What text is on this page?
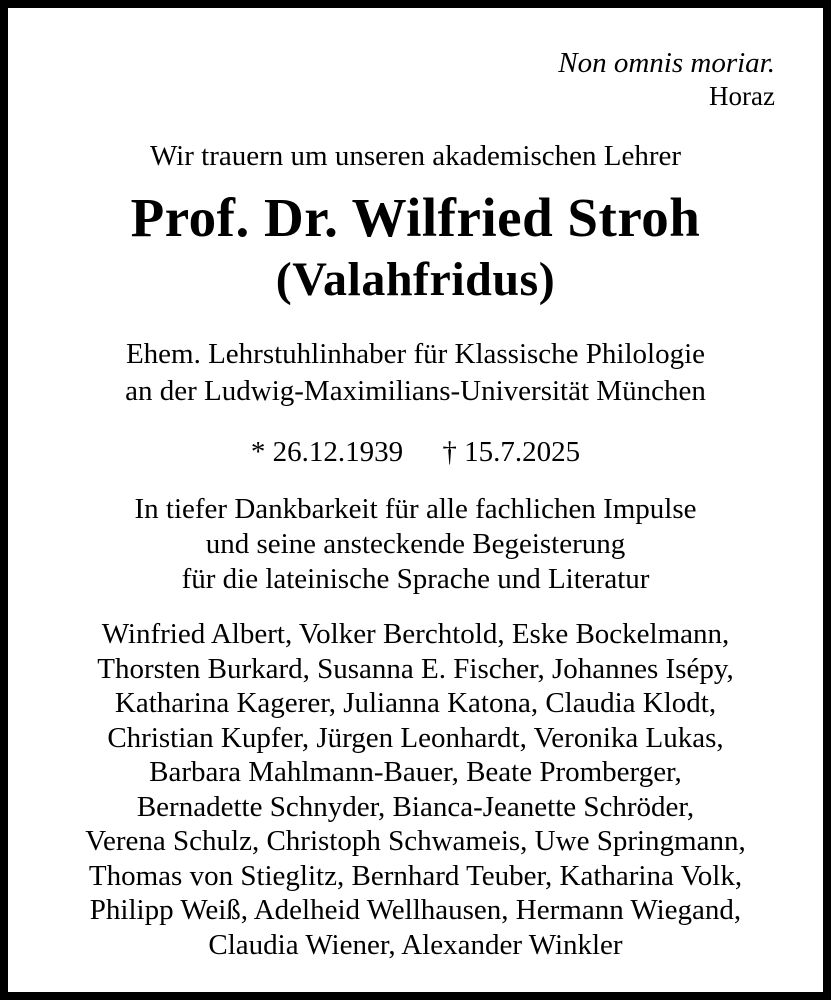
Non omnis moriar.
Horaz
Wir trauern um unseren akademischen Lehrer
Prof. Dr. Wilfried Stroh
(Valahfridus)
Ehem. Lehrstuhlinhaber für Klassische Philologie
an der Ludwig-Maximilians-Universität München
* 26.12.1939 † 15.7.2025
In tiefer Dankbarkeit für alle fachlichen Impulse
und seine ansteckende Begeisterung
für die lateinische Sprache und Literatur
Winfried Albert, Volker Berchtold, Eske Bockelmann,
Thorsten Burkard, Susanna E. Fischer, Johannes Isépy,
Katharina Kagerer, Julianna Katona, Claudia Klodt,
Christian Kupfer, Jürgen Leonhardt, Veronika Lukas,
Barbara Mahlmann-Bauer, Beate Promberger,
Bernadette Schnyder, Bianca-Jeanette Schröder,
Verena Schulz, Christoph Schwameis, Uwe Springmann,
Thomas von Stieglitz, Bernhard Teuber, Katharina Volk,
Philipp Weiß, Adelheid Wellhausen, Hermann Wiegand,
Claudia Wiener, Alexander Winkler
